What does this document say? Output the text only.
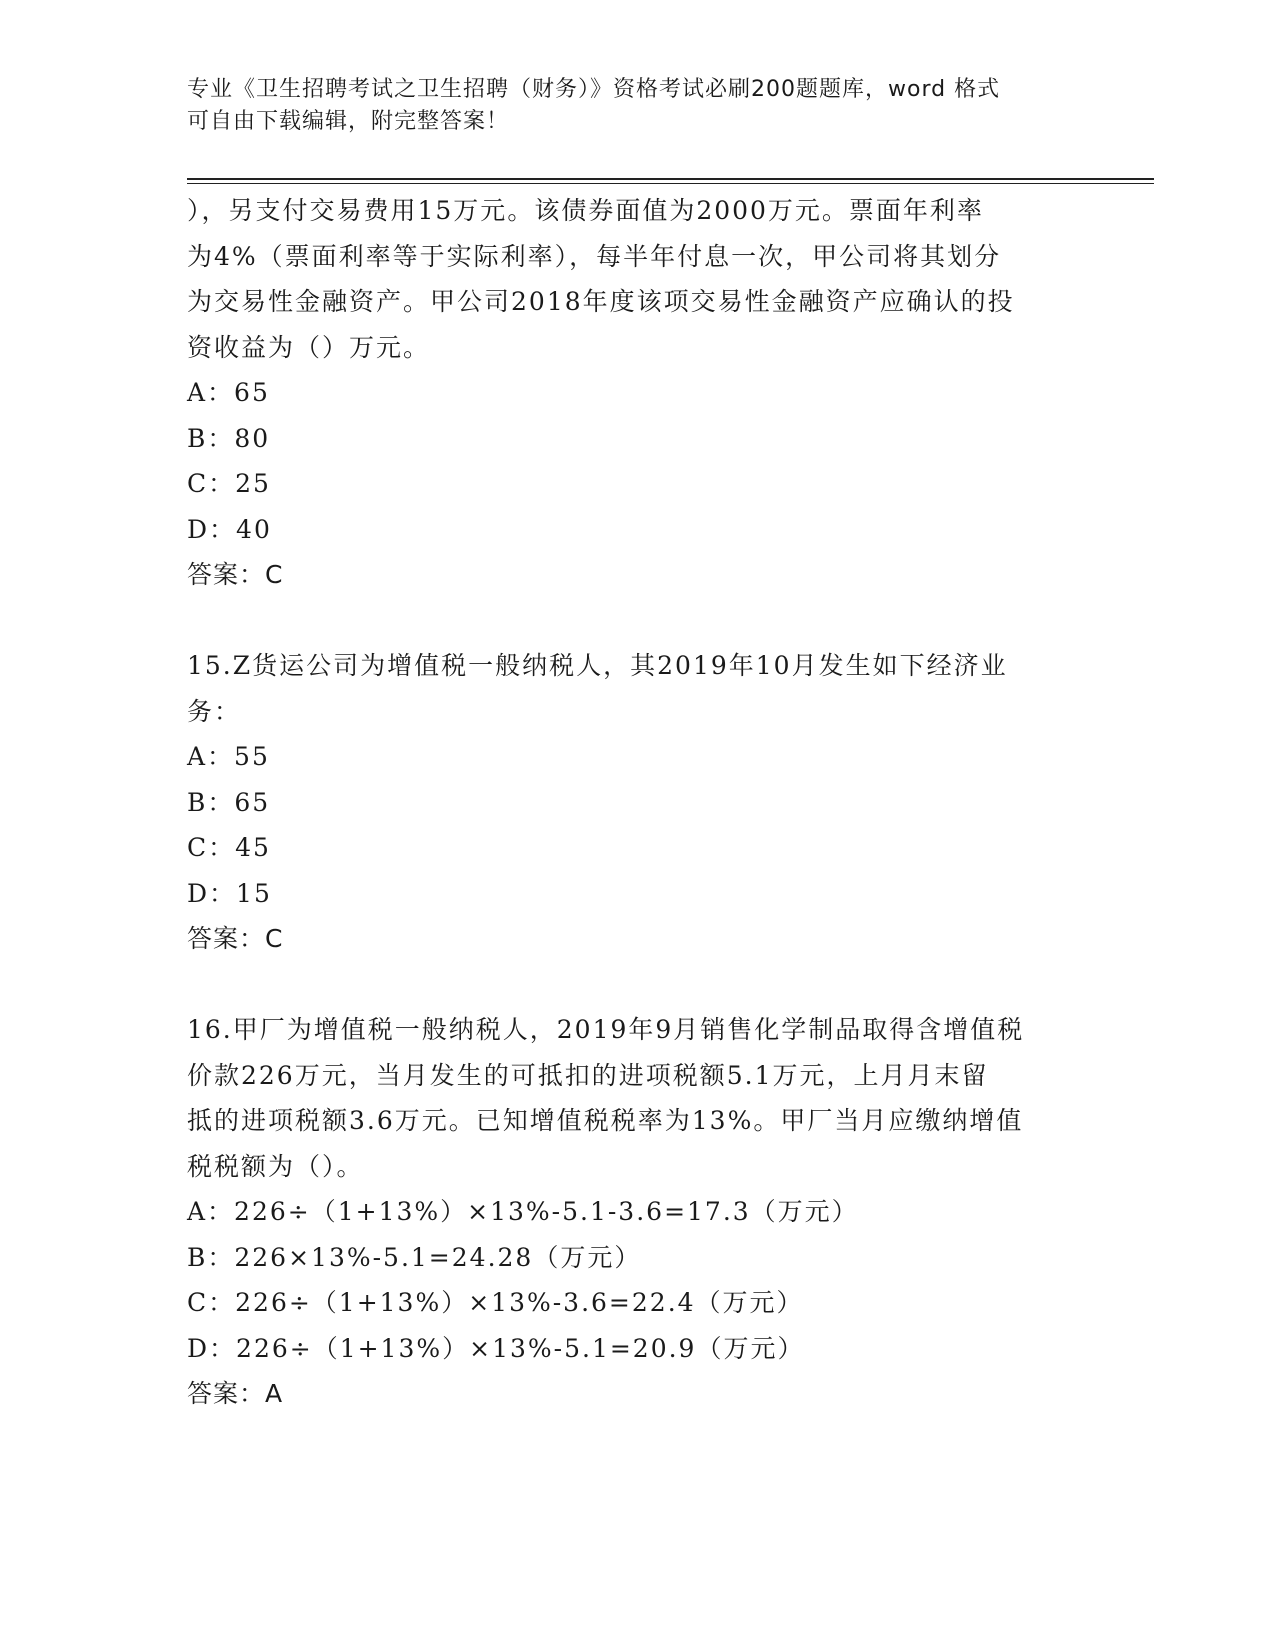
专业《卫生招聘考试之卫生招聘（财务）》资格考试必刷200题题库，word 格式
可自由下载编辑，附完整答案！
），另支付交易费用15万元。该债券面值为2000万元。票面年利率
为4%（票面利率等于实际利率），每半年付息一次，甲公司将其划分
为交易性金融资产。甲公司2018年度该项交易性金融资产应确认的投
资收益为（）万元。
A：65
B：80
C：25
D：40
答案：C
15.Z货运公司为增值税一般纳税人，其2019年10月发生如下经济业
务：
A：55
B：65
C：45
D：15
答案：C
16.甲厂为增值税一般纳税人，2019年9月销售化学制品取得含增值税
价款226万元，当月发生的可抵扣的进项税额5.1万元，上月月末留
抵的进项税额3.6万元。已知增值税税率为13%。甲厂当月应缴纳增值
税税额为（）。
A：226÷（1+13%）×13%-5.1-3.6=17.3（万元）
B：226×13%-5.1=24.28（万元）
C：226÷（1+13%）×13%-3.6=22.4（万元）
D：226÷（1+13%）×13%-5.1=20.9（万元）
答案：A
